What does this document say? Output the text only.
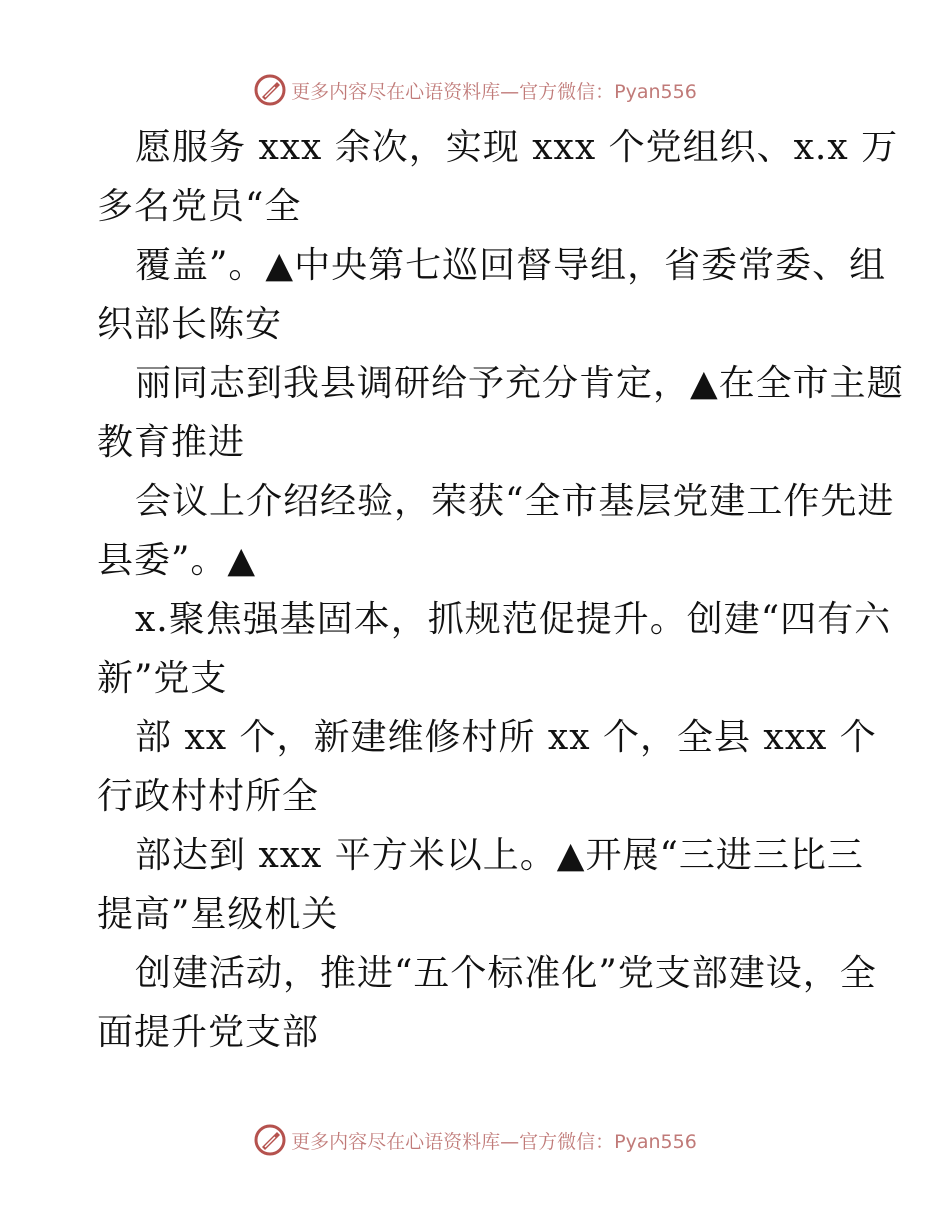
更多内容尽在心语资料库—官方微信：Pyan556
愿服务 xxx 余次，实现 xxx 个党组织、x.x 万
多名党员“全
覆盖”。▲中央第七巡回督导组，省委常委、组
织部长陈安
丽同志到我县调研给予充分肯定，▲在全市主题
教育推进
会议上介绍经验，荣获“全市基层党建工作先进
县委”。▲
x.聚焦强基固本，抓规范促提升。创建“四有六
新”党支
部 xx 个，新建维修村所 xx 个，全县 xxx 个
行政村村所全
部达到 xxx 平方米以上。▲开展“三进三比三
提高”星级机关
创建活动，推进“五个标准化”党支部建设，全
面提升党支部
更多内容尽在心语资料库—官方微信：Pyan556
